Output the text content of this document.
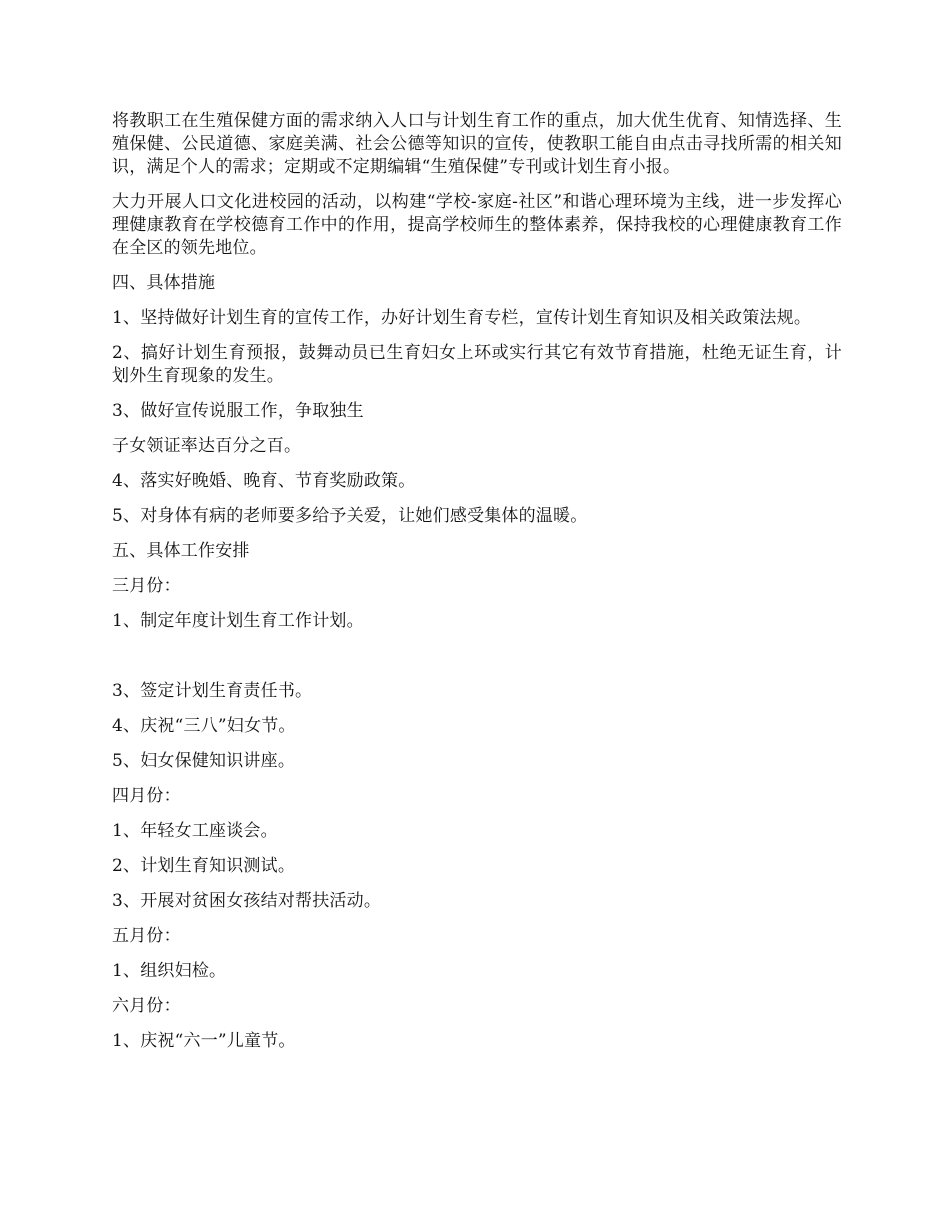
将教职工在生殖保健方面的需求纳入人口与计划生育工作的重点，加大优生优育、知情选择、生殖保健、公民道德、家庭美满、社会公德等知识的宣传，使教职工能自由点击寻找所需的相关知识，满足个人的需求；定期或不定期编辑“生殖保健”专刊或计划生育小报。

大力开展人口文化进校园的活动，以构建“学校-家庭-社区”和谐心理环境为主线，进一步发挥心理健康教育在学校德育工作中的作用，提高学校师生的整体素养，保持我校的心理健康教育工作在全区的领先地位。

四、具体措施

1、坚持做好计划生育的宣传工作，办好计划生育专栏，宣传计划生育知识及相关政策法规。

2、搞好计划生育预报，鼓舞动员已生育妇女上环或实行其它有效节育措施，杜绝无证生育，计划外生育现象的发生。

3、做好宣传说服工作，争取独生

子女领证率达百分之百。

4、落实好晚婚、晚育、节育奖励政策。

5、对身体有病的老师要多给予关爱，让她们感受集体的温暖。

五、具体工作安排

三月份：

1、制定年度计划生育工作计划。

3、签定计划生育责任书。

4、庆祝“三八”妇女节。

5、妇女保健知识讲座。

四月份：

1、年轻女工座谈会。

2、计划生育知识测试。

3、开展对贫困女孩结对帮扶活动。

五月份：

1、组织妇检。

六月份：

1、庆祝“六一”儿童节。
